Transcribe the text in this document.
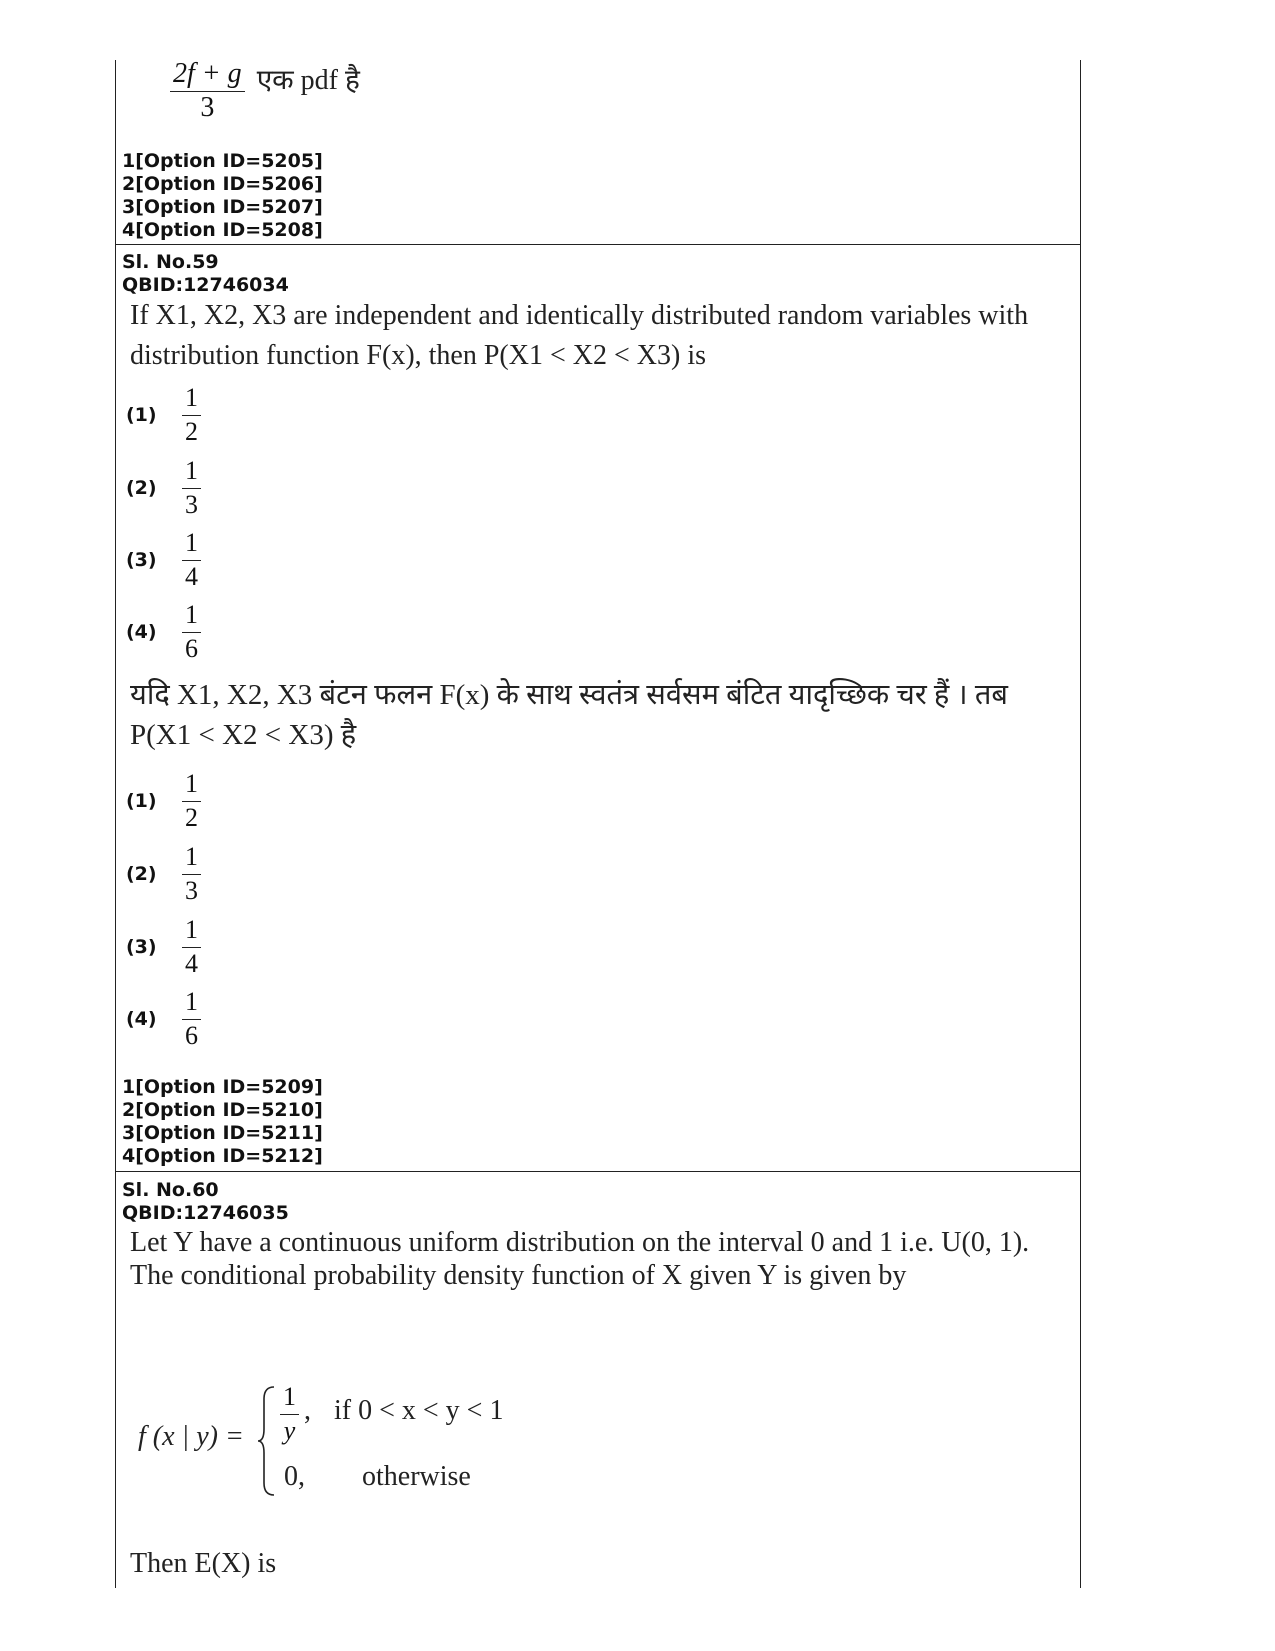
$\frac{2f + g}{3}$ एक pdf है
1[Option ID=5205]
2[Option ID=5206]
3[Option ID=5207]
4[Option ID=5208]
Sl. No.59
QBID:12746034
If X1, X2, X3 are independent and identically distributed random variables with
distribution function F(x), then P(X1 < X2 < X3) is
$(1) \frac{1}{2}$
$(2) \frac{1}{3}$
$(3) \frac{1}{4}$
$(4) \frac{1}{6}$
यदि X1, X2, X3 बंटन फलन F(x) के साथ स्वतंत्र सर्वसम बंटित यादृच्छिक चर हैं । तब
P(X1 < X2 < X3) है
$(1) \frac{1}{2}$
$(2) \frac{1}{3}$
$(3) \frac{1}{4}$
$(4) \frac{1}{6}$
1[Option ID=5209]
2[Option ID=5210]
3[Option ID=5211]
4[Option ID=5212]
Sl. No.60
QBID:12746035
Let Y have a continuous uniform distribution on the interval 0 and 1 i.e. U(0, 1).
The conditional probability density function of X given Y is given by
f (x | y) =
1
y
, if 0 < x < y < 1
0, otherwise
Then E(X) is
